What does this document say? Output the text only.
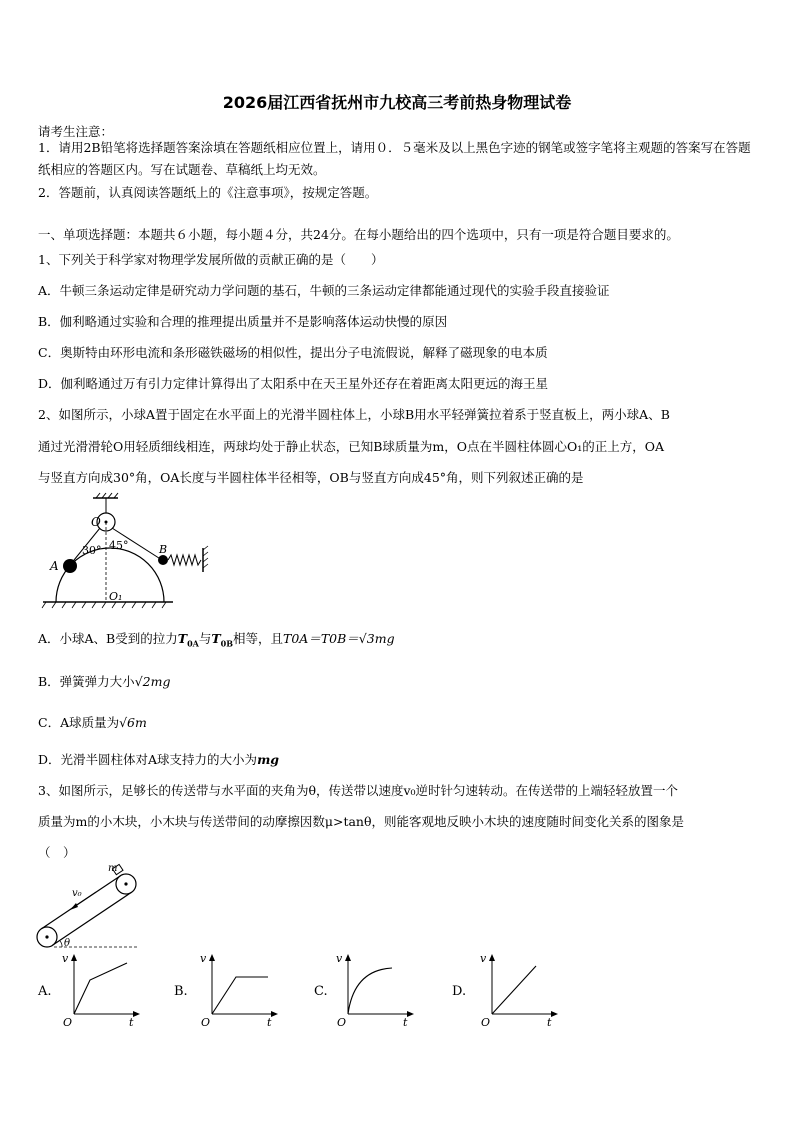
2026届江西省抚州市九校高三考前热身物理试卷
请考生注意：
1．请用2B铅笔将选择题答案涂填在答题纸相应位置上，请用０．５毫米及以上黑色字迹的钢笔或签字笔将主观题的答案写在答题纸相应的答题区内。写在试题卷、草稿纸上均无效。
2．答题前，认真阅读答题纸上的《注意事项》，按规定答题。
一、单项选择题：本题共６小题，每小题４分，共24分。在每小题给出的四个选项中，只有一项是符合题目要求的。
1、下列关于科学家对物理学发展所做的贡献正确的是（　　）
A．牛顿三条运动定律是研究动力学问题的基石，牛顿的三条运动定律都能通过现代的实验手段直接验证
B．伽利略通过实验和合理的推理提出质量并不是影响落体运动快慢的原因
C．奥斯特由环形电流和条形磁铁磁场的相似性，提出分子电流假说，解释了磁现象的电本质
D．伽利略通过万有引力定律计算得出了太阳系中在天王星外还存在着距离太阳更远的海王星
2、如图所示，小球A置于固定在水平面上的光滑半圆柱体上，小球B用水平轻弹簧拉着系于竖直板上，两小球A、B
通过光滑滑轮O用轻质细线相连，两球均处于静止状态，已知B球质量为m，O点在半圆柱体圆心O₁的正上方，OA
与竖直方向成30°角，OA长度与半圆柱体半径相等，OB与竖直方向成45°角，则下列叙述正确的是
O
A
B
O₁
30° 45°
A．小球A、B受到的拉力$T_{0A}$与$T_{0B}$相等，且T0A＝T0B＝√3mg
B．弹簧弹力大小√2mg
C．A球质量为√6m
D．光滑半圆柱体对A球支持力的大小为mg
3、如图所示，足够长的传送带与水平面的夹角为θ，传送带以速度v₀逆时针匀速转动。在传送带的上端轻轻放置一个
质量为m的小木块，小木块与传送带间的动摩擦因数μ>tanθ，则能客观地反映小木块的速度随时间变化关系的图象是
（　）
m
v₀
θ
A.
v
O	t
B.
v
O	t
C.
v
O	t
D.
v
O	t
